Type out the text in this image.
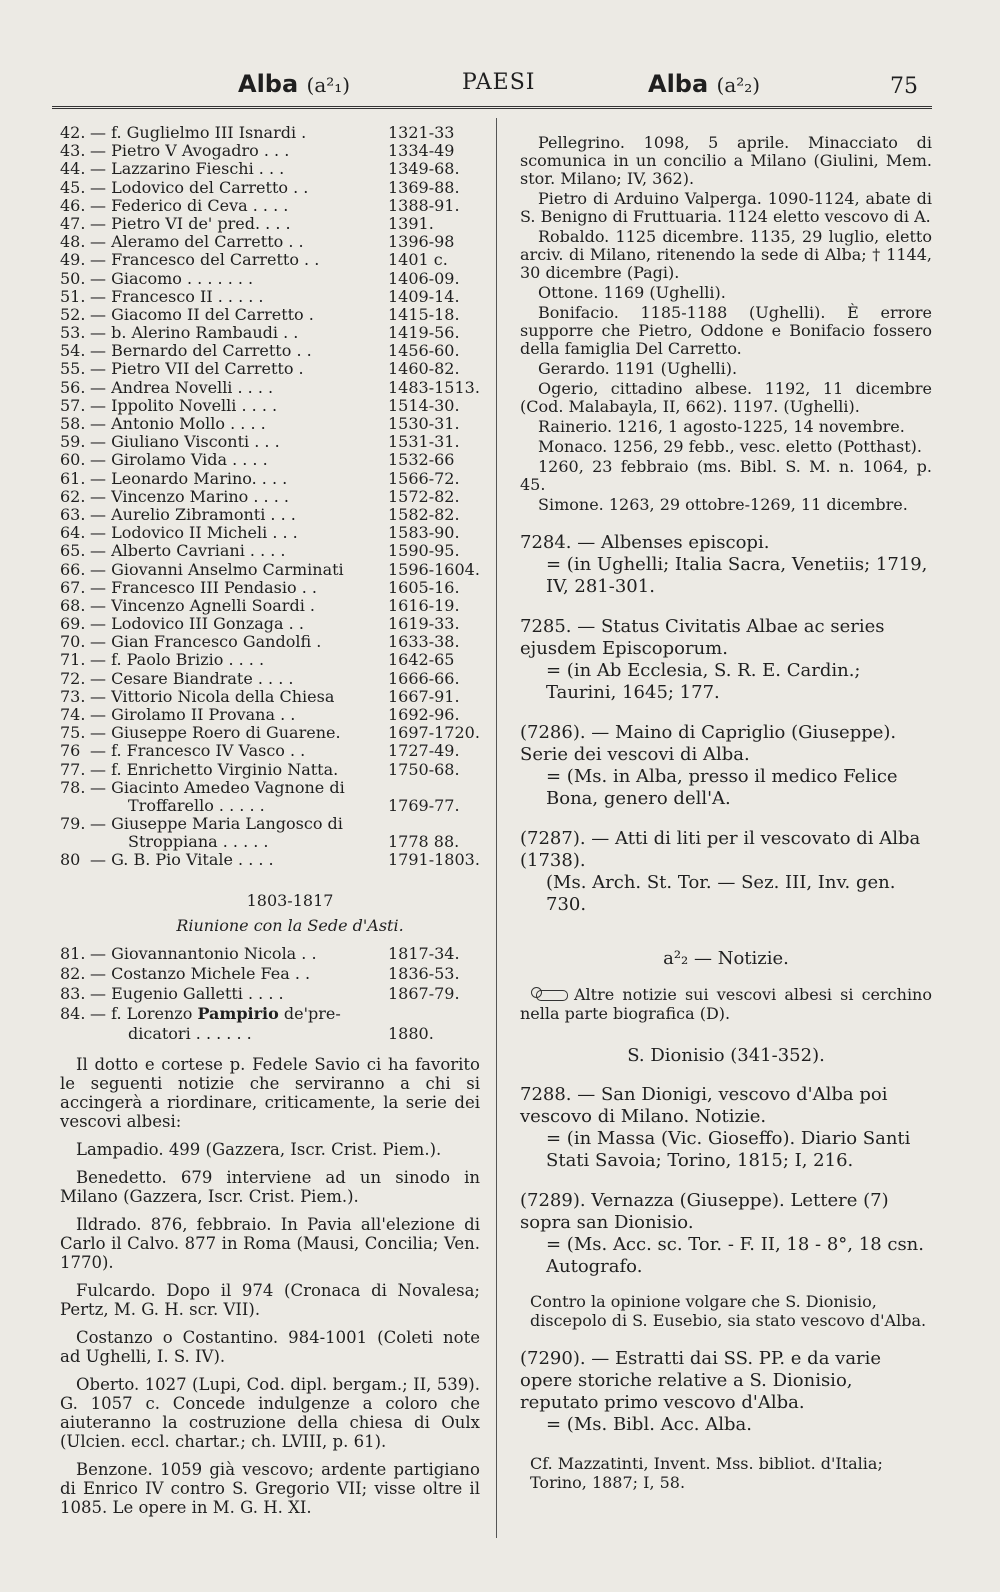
Alba (a²₁)	PAESI	Alba (a²₂)	75
42. — f. Guglielmo III Isnardi .	1321-33
43. — Pietro V Avogadro . . .	1334-49
44. — Lazzarino Fieschi . . .	1349-68.
45. — Lodovico del Carretto . .	1369-88.
46. — Federico di Ceva . . . .	1388-91.
47. — Pietro VI de' pred. . . .	1391.
48. — Aleramo del Carretto . .	1396-98
49. — Francesco del Carretto . .	1401 c.
50. — Giacomo . . . . . . .	1406-09.
51. — Francesco II . . . . .	1409-14.
52. — Giacomo II del Carretto .	1415-18.
53. — b. Alerino Rambaudi . .	1419-56.
54. — Bernardo del Carretto . .	1456-60.
55. — Pietro VII del Carretto .	1460-82.
56. — Andrea Novelli . . . .	1483-1513.
57. — Ippolito Novelli . . . .	1514-30.
58. — Antonio Mollo . . . .	1530-31.
59. — Giuliano Visconti . . .	1531-31.
60. — Girolamo Vida . . . .	1532-66
61. — Leonardo Marino. . . .	1566-72.
62. — Vincenzo Marino . . . .	1572-82.
63. — Aurelio Zibramonti . . .	1582-82.
64. — Lodovico II Micheli . . .	1583-90.
65. — Alberto Cavriani . . . .	1590-95.
66. — Giovanni Anselmo Carminati	1596-1604.
67. — Francesco III Pendasio . .	1605-16.
68. — Vincenzo Agnelli Soardi .	1616-19.
69. — Lodovico III Gonzaga . .	1619-33.
70. — Gian Francesco Gandolfi .	1633-38.
71. — f. Paolo Brizio . . . .	1642-65
72. — Cesare Biandrate . . . .	1666-66.
73. — Vittorio Nicola della Chiesa	1667-91.
74. — Girolamo II Provana . .	1692-96.
75. — Giuseppe Roero di Guarene.	1697-1720.
76 — f. Francesco IV Vasco . .	1727-49.
77. — f. Enrichetto Virginio Natta.	1750-68.
78. — Giacinto Amedeo Vagnone di
Troffarello . . . . .	1769-77.
79. — Giuseppe Maria Langosco di
Stroppiana . . . . .	1778 88.
80 — G. B. Pio Vitale . . . .	1791-1803.
1803-1817
Riunione con la Sede d'Asti.
81. — Giovannantonio Nicola . .	1817-34.
82. — Costanzo Michele Fea . .	1836-53.
83. — Eugenio Galletti . . . .	1867-79.
84. — f. Lorenzo Pampirio de'pre-
dicatori . . . . . .	1880.

Il dotto e cortese p. Fedele Savio ci ha favorito le seguenti notizie che serviranno a chi si accingerà a riordinare, criticamente, la serie dei vescovi albesi:

Lampadio. 499 (Gazzera, Iscr. Crist. Piem.).

Benedetto. 679 interviene ad un sinodo in Milano (Gazzera, Iscr. Crist. Piem.).

Ildrado. 876, febbraio. In Pavia all'elezione di Carlo il Calvo. 877 in Roma (Mausi, Concilia; Ven. 1770).

Fulcardo. Dopo il 974 (Cronaca di Novalesa; Pertz, M. G. H. scr. VII).

Costanzo o Costantino. 984-1001 (Coleti note ad Ughelli, I. S. IV).

Oberto. 1027 (Lupi, Cod. dipl. bergam.; II, 539). G. 1057 c. Concede indulgenze a coloro che aiuteranno la costruzione della chiesa di Oulx (Ulcien. eccl. chartar.; ch. LVIII, p. 61).

Benzone. 1059 già vescovo; ardente partigiano di Enrico IV contro S. Gregorio VII; visse oltre il 1085. Le opere in M. G. H. XI.

Pellegrino. 1098, 5 aprile. Minacciato di scomunica in un concilio a Milano (Giulini, Mem. stor. Milano; IV, 362).

Pietro di Arduino Valperga. 1090-1124, abate di S. Benigno di Fruttuaria. 1124 eletto vescovo di A.

Robaldo. 1125 dicembre. 1135, 29 luglio, eletto arciv. di Milano, ritenendo la sede di Alba; † 1144, 30 dicembre (Pagi).

Ottone. 1169 (Ughelli).

Bonifacio. 1185-1188 (Ughelli). È errore supporre che Pietro, Oddone e Bonifacio fossero della famiglia Del Carretto.

Gerardo. 1191 (Ughelli).

Ogerio, cittadino albese. 1192, 11 dicembre (Cod. Malabayla, II, 662). 1197. (Ughelli).

Rainerio. 1216, 1 agosto-1225, 14 novembre.

Monaco. 1256, 29 febb., vesc. eletto (Potthast).

1260, 23 febbraio (ms. Bibl. S. M. n. 1064, p. 45.

Simone. 1263, 29 ottobre-1269, 11 dicembre.

7284. — Albenses episcopi.
= (in Ughelli; Italia Sacra, Venetiis; 1719, IV, 281-301.
7285. — Status Civitatis Albae ac series ejusdem Episcoporum.
= (in Ab Ecclesia, S. R. E. Cardin.; Taurini, 1645; 177.
(7286). — Maino di Capriglio (Giuseppe). Serie dei vescovi di Alba.
= (Ms. in Alba, presso il medico Felice Bona, genero dell'A.
(7287). — Atti di liti per il vescovato di Alba (1738).
(Ms. Arch. St. Tor. — Sez. III, Inv. gen. 730.
a²₂ — Notizie.

Altre notizie sui vescovi albesi si cerchino nella parte biografica (D).

S. Dionisio (341-352).
7288. — San Dionigi, vescovo d'Alba poi vescovo di Milano. Notizie.
= (in Massa (Vic. Gioseffo). Diario Santi Stati Savoia; Torino, 1815; I, 216.
(7289). Vernazza (Giuseppe). Lettere (7) sopra san Dionisio.
= (Ms. Acc. sc. Tor. - F. II, 18 - 8°, 18 csn. Autografo.

Contro la opinione volgare che S. Dionisio, discepolo di S. Eusebio, sia stato vescovo d'Alba.

(7290). — Estratti dai SS. PP. e da varie opere storiche relative a S. Dionisio, reputato primo vescovo d'Alba.
= (Ms. Bibl. Acc. Alba.

Cf. Mazzatinti, Invent. Mss. bibliot. d'Italia; Torino, 1887; I, 58.
